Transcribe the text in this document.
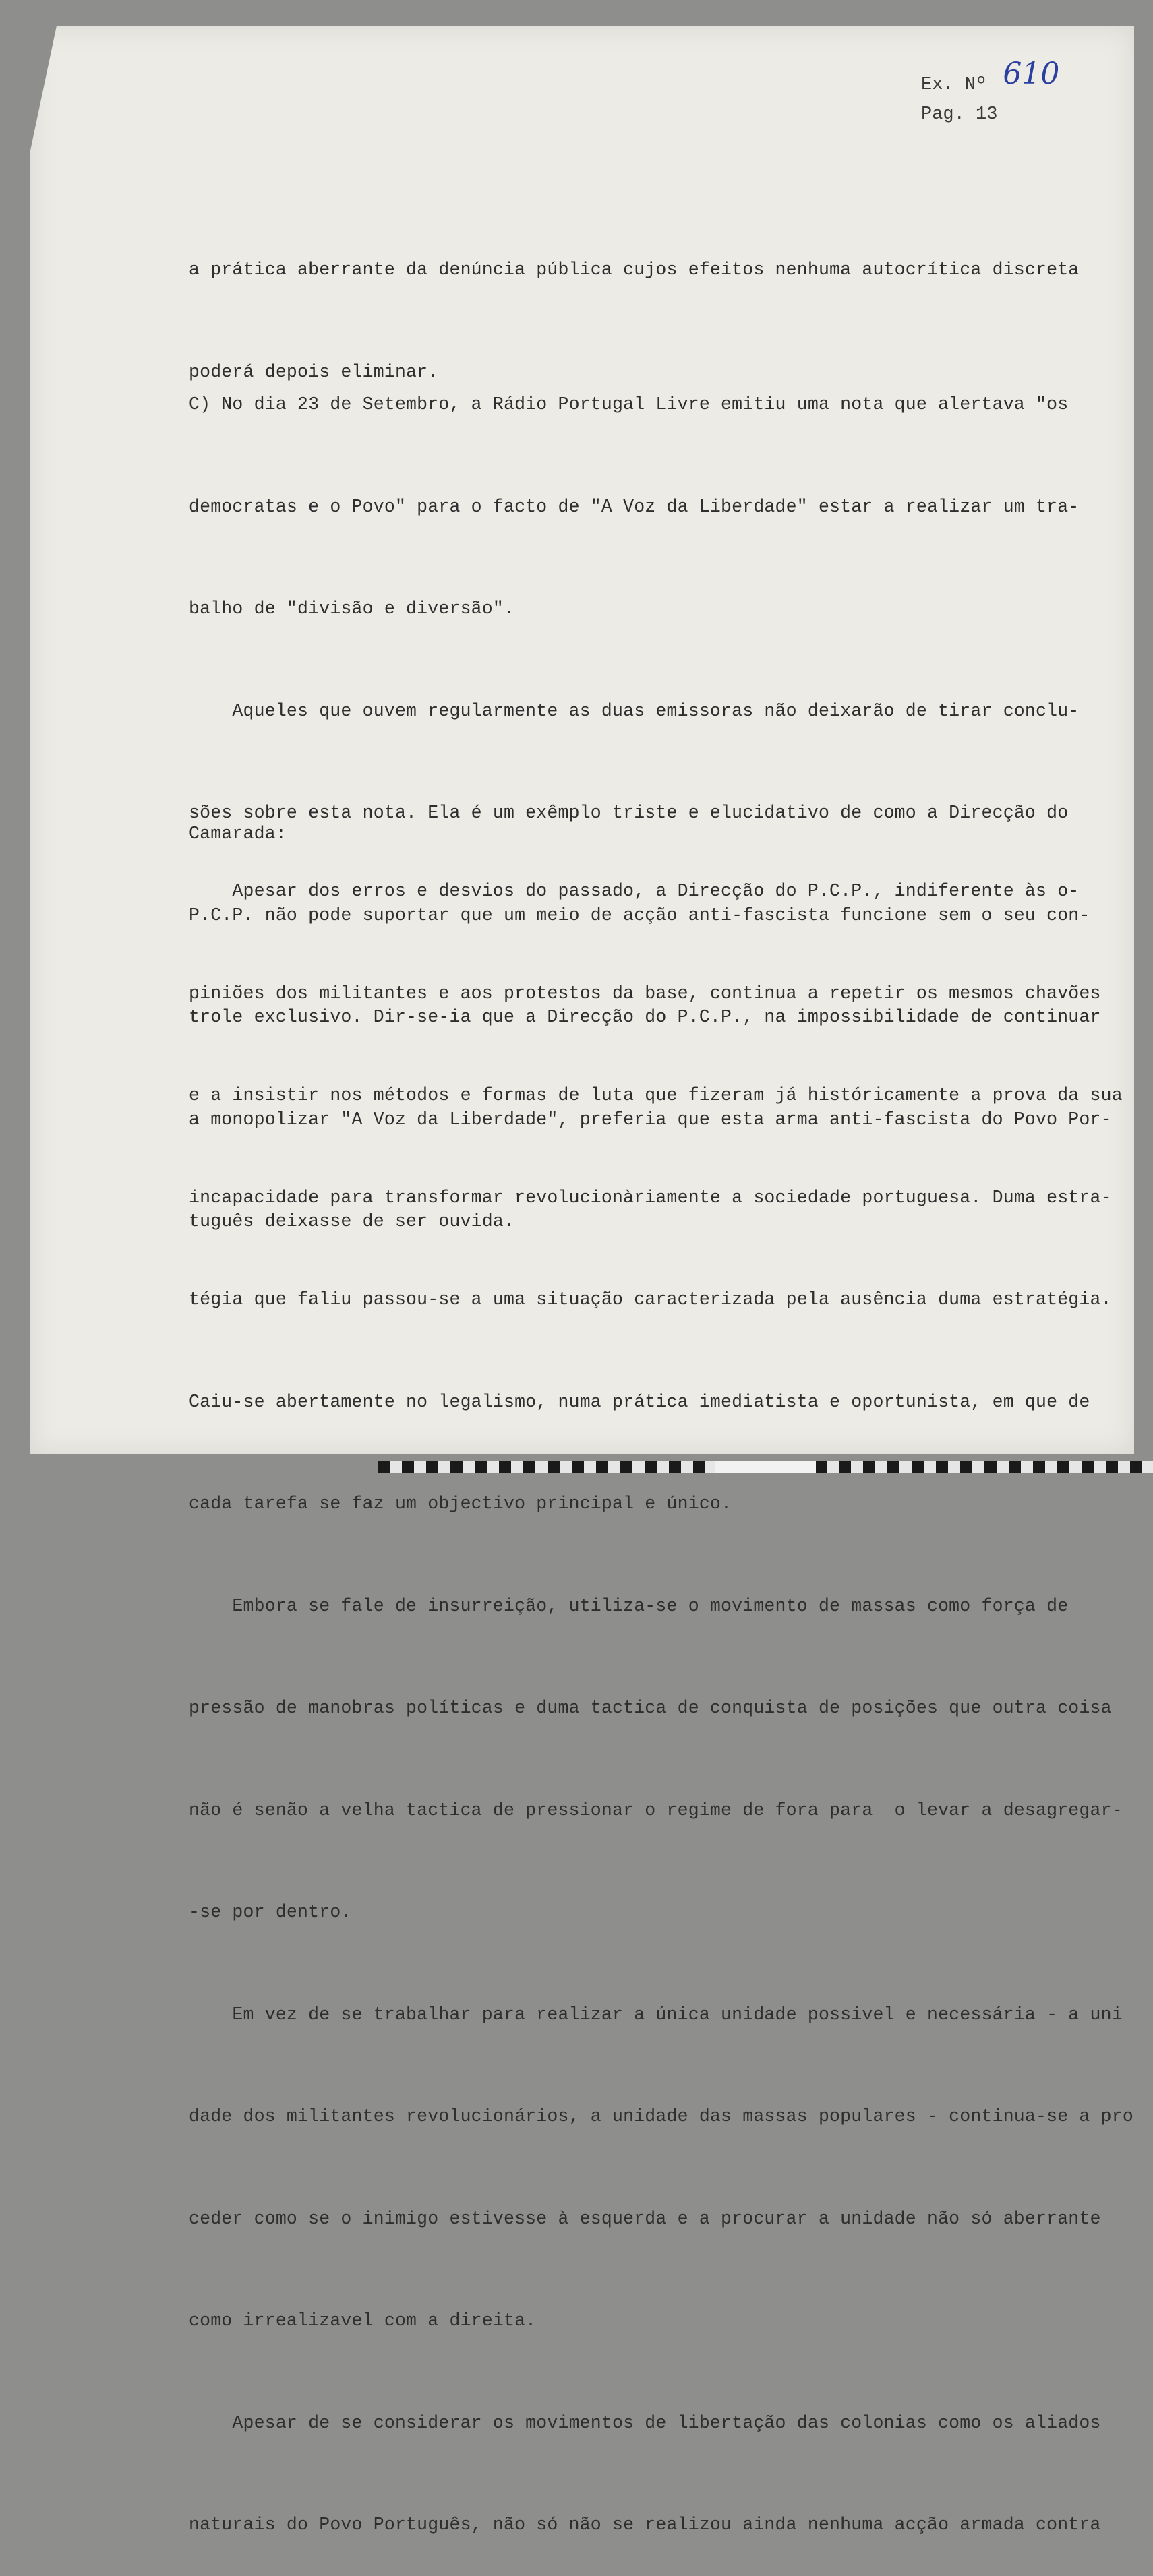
Ex. Nº 610
Pag. 13

a prática aberrante da denúncia pública cujos efeitos nenhuma autocrítica discreta

poderá depois eliminar.

C) No dia 23 de Setembro, a Rádio Portugal Livre emitiu uma nota que alertava "os

democratas e o Povo" para o facto de "A Voz da Liberdade" estar a realizar um tra-

balho de "divisão e diversão".

Aqueles que ouvem regularmente as duas emissoras não deixarão de tirar conclu-

sões sobre esta nota. Ela é um exêmplo triste e elucidativo de como a Direcção do

P.C.P. não pode suportar que um meio de acção anti-fascista funcione sem o seu con-

trole exclusivo. Dir-se-ia que a Direcção do P.C.P., na impossibilidade de continuar

a monopolizar "A Voz da Liberdade", preferia que esta arma anti-fascista do Povo Por-

tuguês deixasse de ser ouvida.

Camarada:

Apesar dos erros e desvios do passado, a Direcção do P.C.P., indiferente às o-

piniões dos militantes e aos protestos da base, continua a repetir os mesmos chavões

e a insistir nos métodos e formas de luta que fizeram já históricamente a prova da sua

incapacidade para transformar revolucionàriamente a sociedade portuguesa. Duma estra-

tégia que faliu passou-se a uma situação caracterizada pela ausência duma estratégia.

Caiu-se abertamente no legalismo, numa prática imediatista e oportunista, em que de

cada tarefa se faz um objectivo principal e único.

Embora se fale de insurreição, utiliza-se o movimento de massas como força de

pressão de manobras políticas e duma tactica de conquista de posições que outra coisa

não é senão a velha tactica de pressionar o regime de fora para  o levar a desagregar-

-se por dentro.

Em vez de se trabalhar para realizar a única unidade possivel e necessária - a uni

dade dos militantes revolucionários, a unidade das massas populares - continua-se a pro

ceder como se o inimigo estivesse à esquerda e a procurar a unidade não só aberrante

como irrealizavel com a direita.

Apesar de se considerar os movimentos de libertação das colonias como os aliados

naturais do Povo Português, não só não se realizou ainda nenhuma acção armada contra
